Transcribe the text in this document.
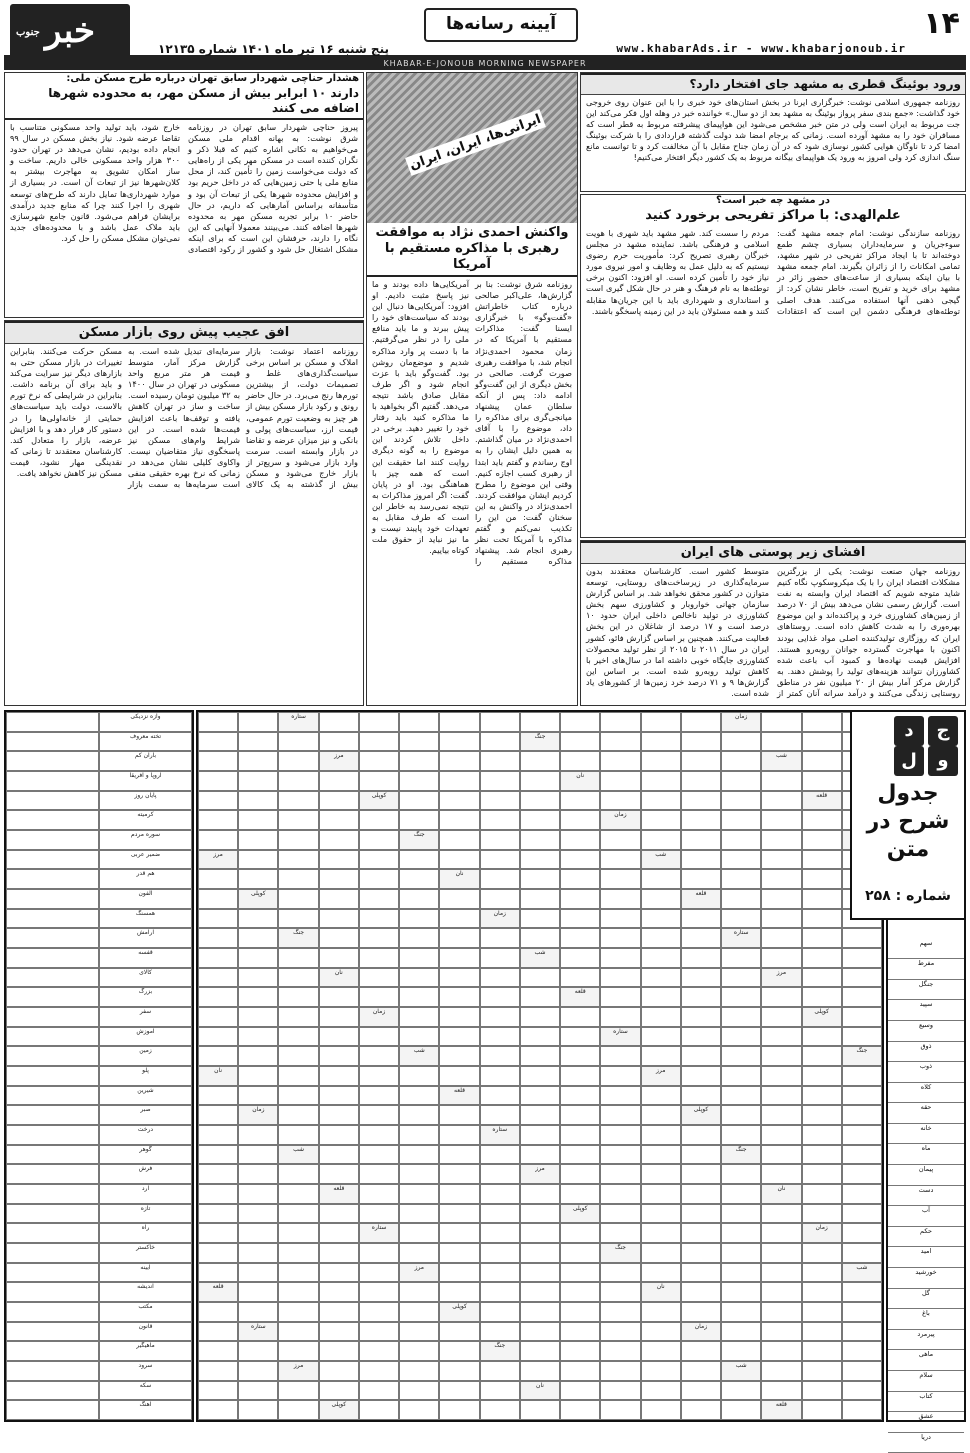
۱۴
www.khabarAds.ir - www.khabarjonoub.ir
آیینه رسانه‌ها
پنج شنبه ۱۶ تیر ماه ۱۴۰۱ شماره ۱۲۱۳۵
خبر
جنوب
KHABAR-E-JONOUB MORNING NEWSPAPER
ورود بوئینگ قطری به مشهد جای افتخار دارد؟
روزنامه جمهوری اسلامی نوشت: خبرگزاری ایرنا در بخش استان‌های خود خبری را با این عنوان روی خروجی خود گذاشت: «جمع بندی سفر پرواز بوئینگ به مشهد بعد از دو سال.» خواننده خبر در وهله اول فکر می‌کند این جت مربوط به ایران است ولی در متن خبر مشخص می‌شود این هواپیمای پیشرفته مربوط به قطر است که مسافران خود را به مشهد آورده است. زمانی که برجام امضا شد دولت گذشته قراردادی را با شرکت بوئینگ امضا کرد تا ناوگان هوایی کشور نوسازی شود که در آن زمان جناح مقابل با آن مخالفت کرد و تا توانست مانع سنگ اندازی کرد ولی امروز به ورود یک هواپیمای بیگانه مربوط به یک کشور دیگر افتخار می‌کنیم!
در مشهد چه خبر است؟
علم‌الهدی: با مراکز تفریحی برخورد کنید
روزنامه سازندگی نوشت: امام جمعه مشهد گفت: سوء‌جریان و سرمایه‌داران بسیاری چشم طمع دوخته‌اند تا با ایجاد مراکز تفریحی در شهر مشهد، تمامی امکانات را از زائران بگیرند. امام جمعه مشهد با بیان اینکه بسیاری از ساعت‌های حضور زائر در مشهد برای خرید و تفریح است، خاطر نشان کرد: از گیجی ذهنی آنها استفاده می‌کنند. هدف اصلی توطئه‌های فرهنگی دشمن این است که اعتقادات مردم را سست کند. شهر مشهد باید شهری با هویت اسلامی و فرهنگی باشد. نماینده مشهد در مجلس خبرگان رهبری تصریح کرد: مأموریت حرم رضوی نیستیم که به دلیل عمل به وظایف و امور نیروی مورد نیاز خود را تأمین کرده است. او افزود: اکنون برخی توطئه‌ها به نام فرهنگ و هنر در حال شکل گیری است و استانداری و شهرداری باید با این جریان‌ها مقابله کنند و همه مسئولان باید در این زمینه پاسخگو باشند.
افشای زیر پوستی های ایران
روزنامه جهان صنعت نوشت: یکی از بزرگترین مشکلات اقتصاد ایران را با یک میکروسکوپ نگاه کنیم شاید متوجه شویم که اقتصاد ایران وابسته به نفت است. گزارش رسمی نشان می‌دهد بیش از ۷۰ درصد از زمین‌های کشاورزی خرد و پراکنده‌اند و این موضوع بهره‌وری را به شدت کاهش داده است. روستاهای ایران که روزگاری تولیدکننده اصلی مواد غذایی بودند اکنون با مهاجرت گسترده جوانان روبه‌رو هستند. افزایش قیمت نهاده‌ها و کمبود آب باعث شده کشاورزان نتوانند هزینه‌های تولید را پوشش دهند. به گزارش مرکز آمار بیش از ۲۰ میلیون نفر در مناطق روستایی زندگی می‌کنند و درآمد سرانه آنان کمتر از متوسط کشور است. کارشناسان معتقدند بدون سرمایه‌گذاری در زیرساخت‌های روستایی، توسعه متوازن در کشور محقق نخواهد شد. بر اساس گزارش سازمان جهانی خواروبار و کشاورزی سهم بخش کشاورزی در تولید ناخالص داخلی ایران حدود ۱۰ درصد است و ۱۷ درصد از شاغلان در این بخش فعالیت می‌کنند. همچنین بر اساس گزارش فائو، کشور ایران در سال ۲۰۱۱ تا ۲۰۱۵ از نظر تولید محصولات کشاورزی جایگاه خوبی داشته اما در سال‌های اخیر با کاهش تولید روبه‌رو شده است. بر اساس این گزارش‌ها ۹ و ۷۱ درصد خرد زمین‌ها از کشورهای یاد شده است.
ایرانی‌ها، ایران، ایران
واکنش احمدی نژاد به موافقت رهبری با مذاکره مستقیم با آمریکا
روزنامه شرق نوشت: بنا بر گزارش‌ها، علی‌اکبر صالحی درباره کتاب خاطراتش «گفت‌وگو» با خبرگزاری ایسنا گفت: مذاکرات مستقیم با آمریکا که در زمان محمود احمدی‌نژاد انجام شد، با موافقت رهبری صورت گرفت. صالحی در بخش دیگری از این گفت‌وگو ادامه داد: پس از آنکه سلطان عمان پیشنهاد میانجی‌گری برای مذاکره را داد، موضوع را با آقای احمدی‌نژاد در میان گذاشتم. به همین دلیل ایشان را به اوج رساندم و گفتم باید ابتدا از رهبری کسب اجازه کنیم. وقتی این موضوع را مطرح کردیم ایشان موافقت کردند. احمدی‌نژاد در واکنش به این سخنان گفت: من این را تکذیب نمی‌کنم و گفتم مذاکره با آمریکا تحت نظر رهبری انجام شد. پیشنهاد مذاکره مستقیم را آمریکایی‌ها داده بودند و ما نیز پاسخ مثبت دادیم. او افزود: آمریکایی‌ها دنبال این بودند که سیاست‌های خود را پیش ببرند و ما باید منافع ملی را در نظر می‌گرفتیم. ما با دست پر وارد مذاکره شدیم و موضع‌مان روشن بود. گفت‌وگو باید با عزت انجام شود و اگر طرف مقابل صادق باشد نتیجه می‌دهد. گفتیم اگر بخواهید با ما مذاکره کنید باید رفتار خود را تغییر دهید. برخی در داخل تلاش کردند این موضوع را به گونه دیگری روایت کنند اما حقیقت این است که همه چیز با هماهنگی بود. او در پایان گفت: اگر امروز مذاکرات به نتیجه نمی‌رسد به خاطر این است که طرف مقابل به تعهدات خود پایبند نیست و ما نیز نباید از حقوق ملت کوتاه بیاییم.
هشدار حناچی شهردار سابق تهران درباره طرح مسکن ملی:
دارند ۱۰ ابرابر بیش از مسکن مهر، به محدوده شهرها اضافه می کنند
پیروز حناچی شهردار سابق تهران در روزنامه شرق نوشت: به بهانه اقدام ملی مسکن می‌خواهیم به تکانی اشاره کنیم که قبلا ذکر و نگران کننده است در مسکن مهر یکی از راه‌هایی که دولت می‌خواست زمین را تأمین کند، از محل منابع ملی یا حتی زمین‌هایی که در داخل حریم بود و افزایش محدوده شهرها یکی از تبعات آن بود و متأسفانه براساس آمارهایی که داریم، در حال حاضر ۱۰ برابر تجربه مسکن مهر به محدوده شهرها اضافه کنند. می‌بینند معمولا آنهایی که این نگاه را دارند، حرفشان این است که برای اینکه مشکل اشتغال حل شود و کشور از رکود اقتصادی خارج شود، باید تولید واحد مسکونی متناسب با تقاضا عرضه شود. نیاز بخش مسکن در سال ۹۹ انجام داده بودیم، نشان می‌دهد در تهران حدود ۳۰۰ هزار واحد مسکونی خالی داریم. ساخت و ساز امکان تشویق به مهاجرت بیشتر به کلان‌شهرها نیز از تبعات آن است. در بسیاری از موارد شهرداری‌ها تمایل دارند که طرح‌های توسعه شهری را اجرا کنند چرا که منابع جدید درآمدی برایشان فراهم می‌شود. قانون جامع شهرسازی باید ملاک عمل باشد و با محدوده‌های جدید نمی‌توان مشکل مسکن را حل کرد.
افق عجیب پیش روی بازار مسکن
روزنامه اعتماد نوشت: بازار املاک و مسکن بر اساس برخی سیاست‌گذاری‌های غلط و تصمیمات دولت، ‌از بیشترین تورم‌ها رنج می‌برد. در حال حاضر رونق و رکود بازار مسکن بیش از هر چیز به وضعیت تورم عمومی، قیمت ارز، ‌سیاست‌های پولی و بانکی و نیز میزان عرضه و تقاضا در بازار وابسته است. سرمت وارد بازار می‌شود و سریع‌تر از بازار خارج می‌شود و مسکن بیش از گذشته به یک کالای سرمایه‌ای تبدیل شده است. به گزارش مرکز آمار، متوسط قیمت هر متر مربع واحد مسکونی در تهران در سال ۱۴۰۰ به ۳۲ میلیون تومان رسیده است. ساخت و ساز در تهران کاهش یافته و توقف‌ها باعث افزایش قیمت‌ها شده است. در این شرایط وام‌های مسکن نیز پاسخگوی نیاز متقاضیان نیست. واکاوی کلیلی نشان می‌دهد در زمانی که نرخ بهره حقیقی منفی است سرمایه‌ها به سمت بازار مسکن حرکت می‌کنند. بنابراین تغییرات در بازار مسکن حتی به بازارهای دیگر نیز سرایت می‌کند و باید برای آن برنامه داشت. بنابراین در شرایطی که نرخ تورم بالاست، دولت باید سیاست‌های حمایتی از خانه‌اولی‌ها را در دستور کار قرار دهد و با افزایش عرضه، ‌بازار را متعادل کند. کارشناسان معتقدند تا زمانی که نقدینگی مهار نشود، قیمت مسکن نیز کاهش نخواهد یافت.
وازه نزدیکی
تخته معروف
باران کم
اروپا و افریقا
پایان روز
کرمیته
سوره مردم
ضمیر عربی
هم قدر
آلفون
همسنگ
آرامش
قفسه
کالای
بزرگ
سفر
آموزش
زمین
پلو
شیرین
صبر
درخت
گوهر
فرش
آرد
تازه
راه
خاکستر
آیینه
اندیشه
مکتب
قانون
ماهیگیر
سرود
سکه
آهنگ
زمان
ستاره
جنگ
شب
مرز
نان
قلعه
کوپلی
زمان
جنگ
شب
مرز
نان
قلعه
کوپلی
زمان
ستاره
جنگ
شب
مرز
نان
قلعه
کوپلی
زمان
ستاره
جنگ
شب
مرز
نان
قلعه
کوپلی
زمان
ستاره
جنگ
شب
مرز
نان
قلعه
کوپلی
زمان
ستاره
جنگ
شب
مرز
نان
قلعه
کوپلی
زمان
ستاره
جنگ
شب
مرز
نان
قلعه
کوپلی
سهم
مفرط
جنگل
سپید
وسیع
ذوق
ذوب
کلاه
حقه
خانه
ماه
پیمان
دست
آب
حکم
امید
خورشید
گل
باغ
پیرمرد
ماهی
سلام
کتاب
عشق
دریا
ج
د
و
ل
جدول
شرح در متن
شماره : ۲۵۸
